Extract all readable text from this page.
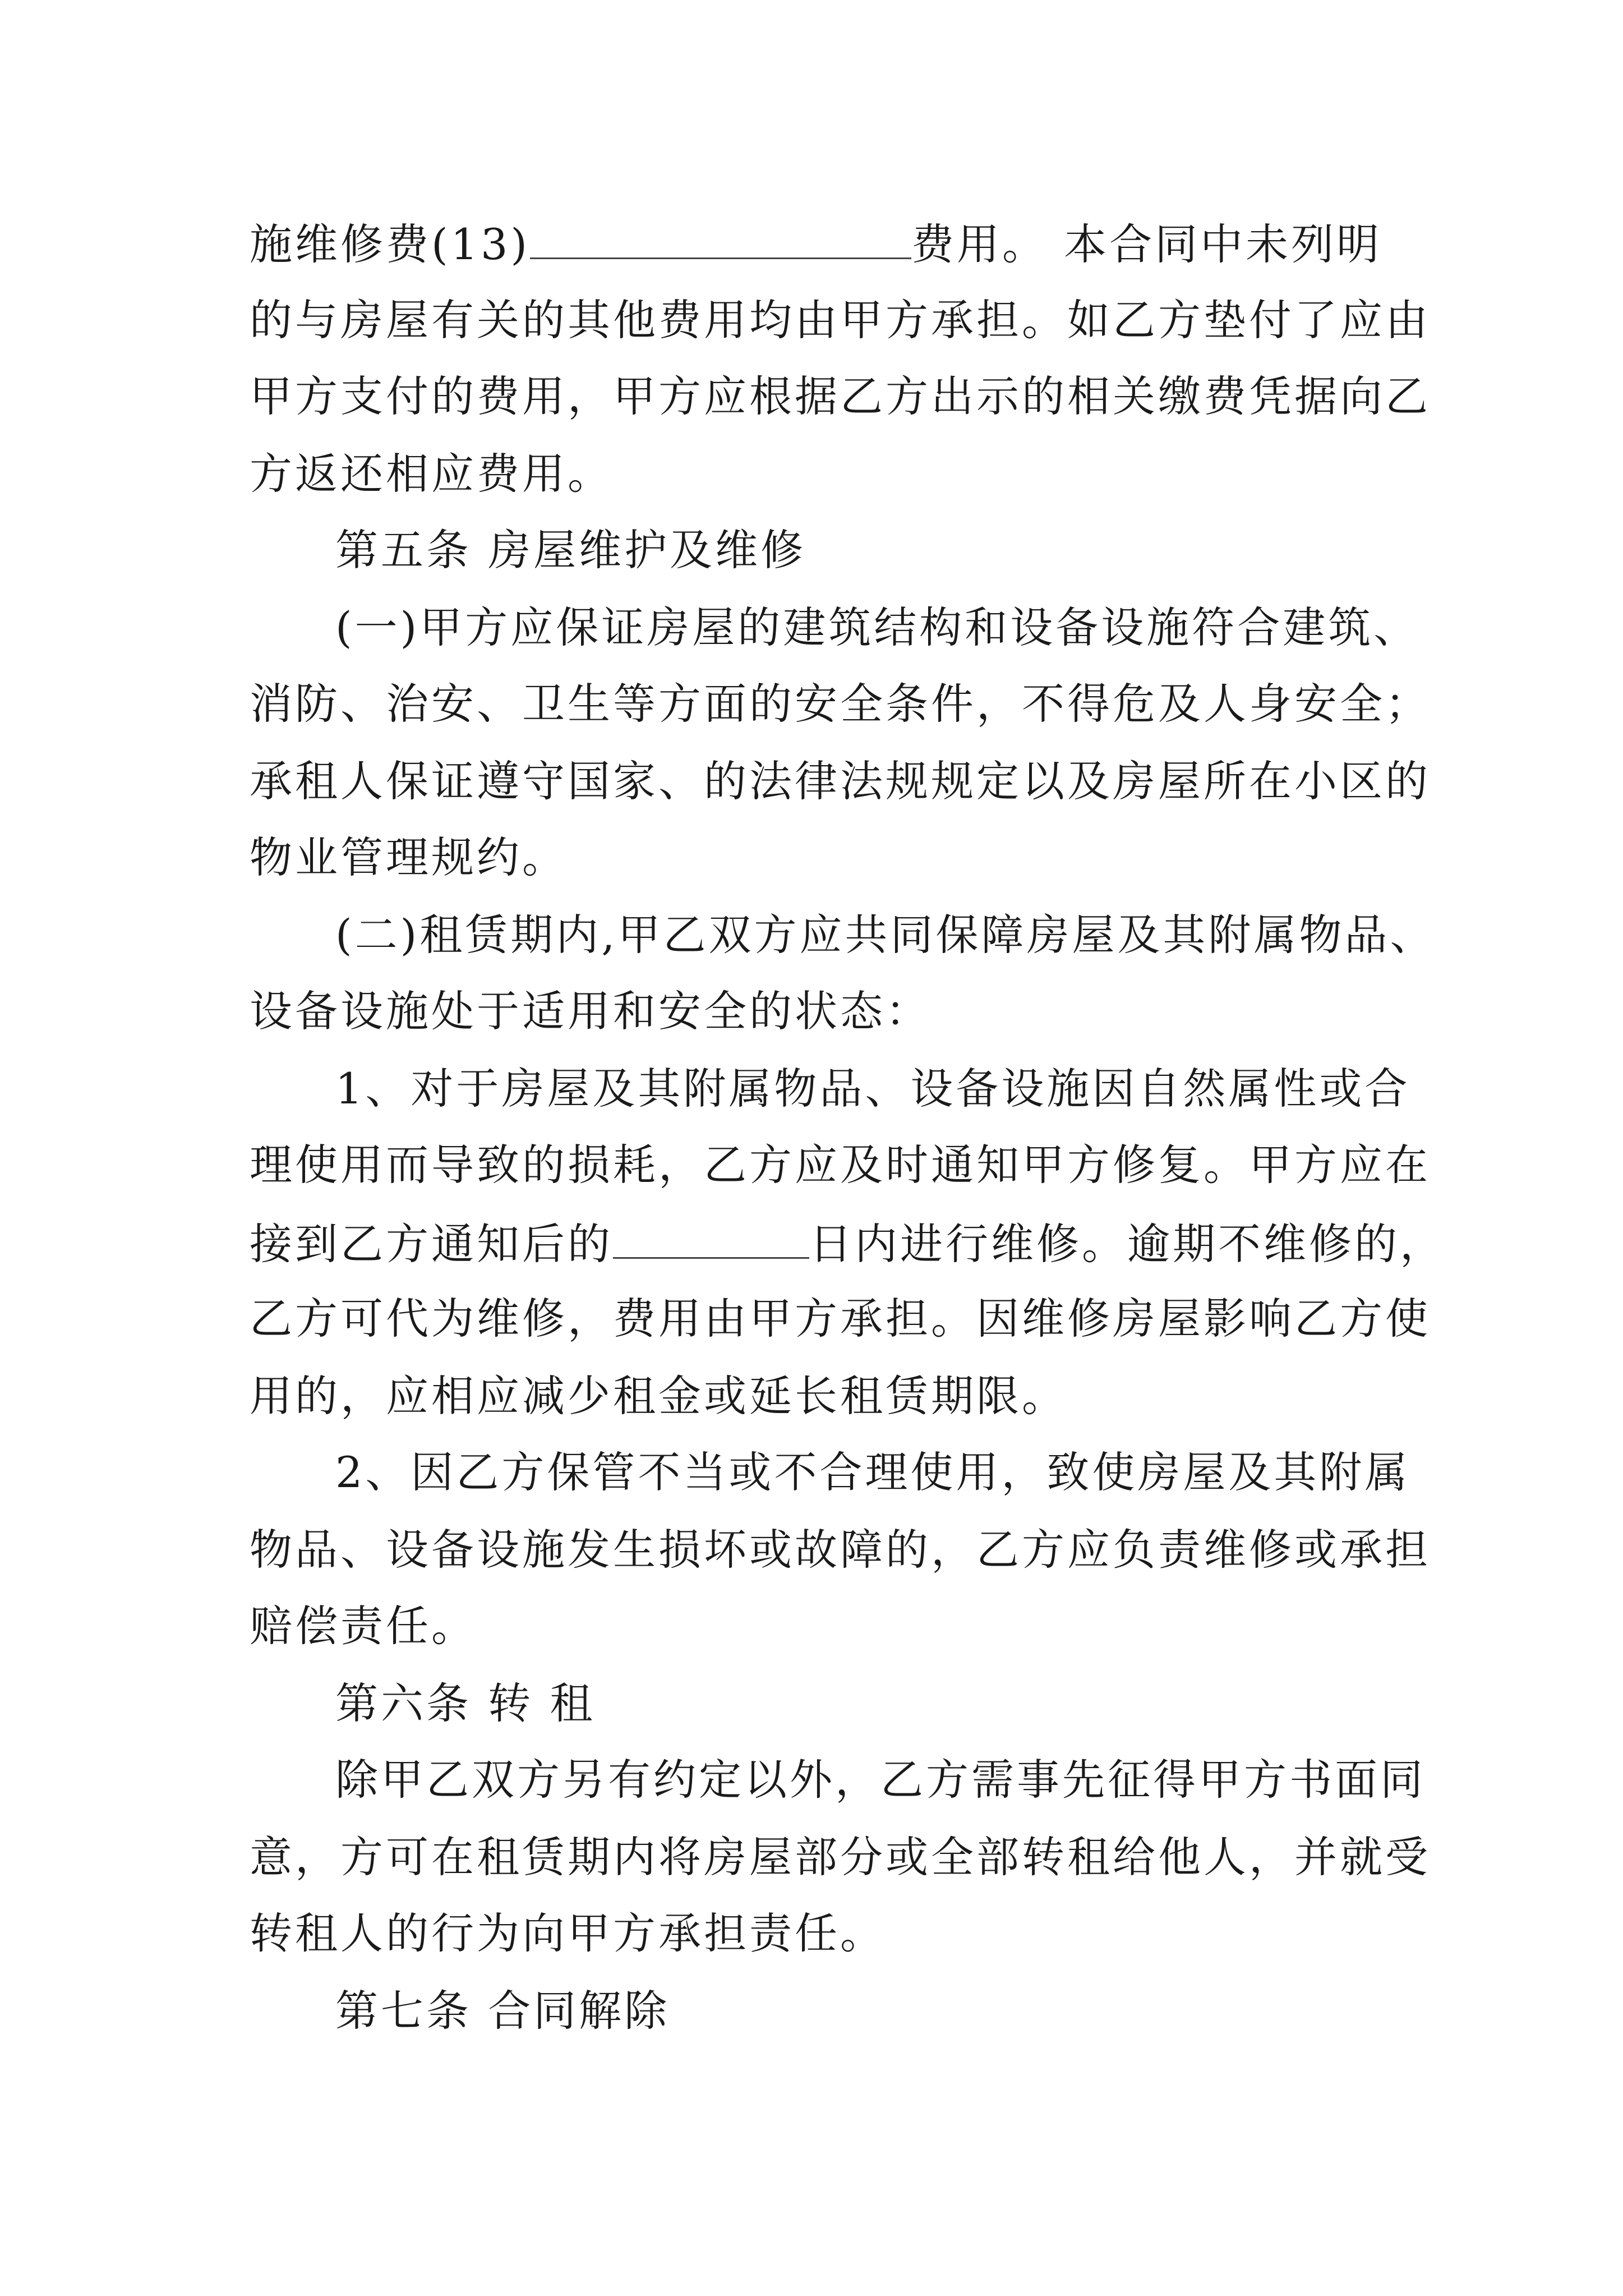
施维修费(13)	费用。 本合同中未列明
的与房屋有关的其他费用均由甲方承担。如乙方垫付了应由
甲方支付的费用，甲方应根据乙方出示的相关缴费凭据向乙
方返还相应费用。
第五条 房屋维护及维修
(一)甲方应保证房屋的建筑结构和设备设施符合建筑、
消防、治安、卫生等方面的安全条件，不得危及人身安全；
承租人保证遵守国家、的法律法规规定以及房屋所在小区的
物业管理规约。
(二)租赁期内,甲乙双方应共同保障房屋及其附属物品、
设备设施处于适用和安全的状态：
1、对于房屋及其附属物品、设备设施因自然属性或合
理使用而导致的损耗，乙方应及时通知甲方修复。甲方应在
接到乙方通知后的	日内进行维修。逾期不维修的，
乙方可代为维修，费用由甲方承担。因维修房屋影响乙方使
用的，应相应减少租金或延长租赁期限。
2、因乙方保管不当或不合理使用，致使房屋及其附属
物品、设备设施发生损坏或故障的，乙方应负责维修或承担
赔偿责任。
第六条 转 租
除甲乙双方另有约定以外，乙方需事先征得甲方书面同
意，方可在租赁期内将房屋部分或全部转租给他人，并就受
转租人的行为向甲方承担责任。
第七条 合同解除
